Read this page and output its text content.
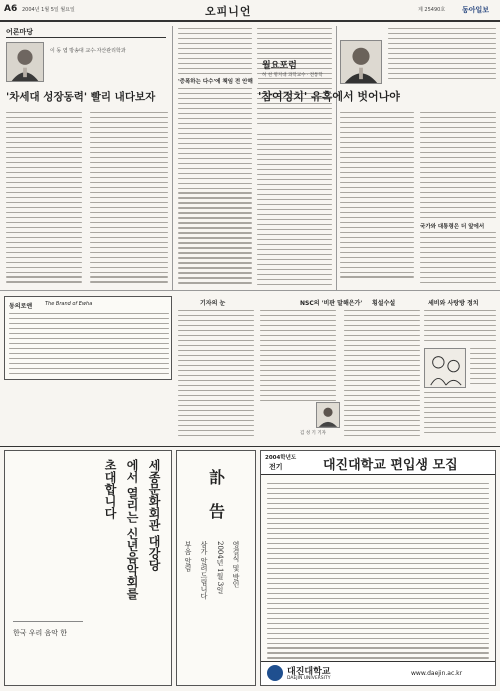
A6 2004년 1월 5일 월요일	오피니언	제 25490호 동아일보
어론마당
이 동 엽 방송대 교수·자산관리학과
'차세대 성장동력' 빨리 내다보자
'증폭하는 다수'에 책임 전 안해
월요포럼
허 천 명지대 과학교수 · 전통학
'참여정치' 유혹에서 벗어나야
국가와 대통령은 더 앞에서
동의로앤	The Brand of Ewha	기자의 눈	NSC의 '비판 말해은가' 횡설수설	세비와 사랑방 정치
김 성 기 기자
세종문화회관 대강당
에서 열리는 신년음악회를
초대합니다
한국 우리 음악 한
訃
告
부음 알림 삼가 알려드립니다 2004년 1월 3일 영결식 및 발인
2004학년도
전기	대진대학교 편입생 모집
대진대학교
DAEJIN UNIVERSITY
www.daejin.ac.kr
